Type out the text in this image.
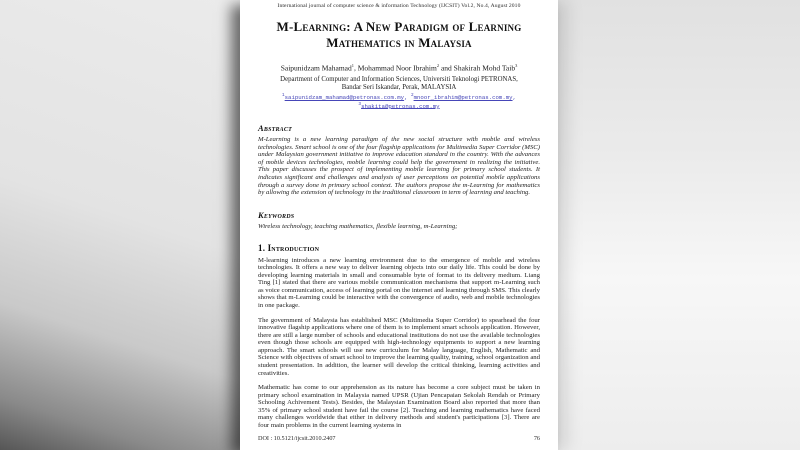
International journal of computer science & information Technology (IJCSIT) Vol.2, No.4, August 2010
M-Learning: A New Paradigm of Learning Mathematics in Malaysia
Saipunidzam Mahamad$^1$, Mohammad Noor Ibrahim$^2$ and Shakirah Mohd Taib$^3$
Department of Computer and Information Sciences, Universiti Teknologi PETRONAS,
Bandar Seri Iskandar, Perak, MALAYSIA
$^1$saipunidzam_mahamad@petronas.com.my, $^2$mnoor_ibrahim@petronas.com.my,
$^3$shakita@petronas.com.my
Abstract
M-Learning is a new learning paradigm of the new social structure with mobile and wireless technologies. Smart school is one of the four flagship applications for Multimedia Super Corridor (MSC) under Malaysian government initiative to improve education standard in the country. With the advances of mobile devices technologies, mobile learning could help the government in realizing the initiative. This paper discusses the prospect of implementing mobile learning for primary school students. It indicates significant and challenges and analysis of user perceptions on potential mobile applications through a survey done in primary school context. The authors propose the m-Learning for mathematics by allowing the extension of technology in the traditional classroom in term of learning and teaching.
Keywords
Wireless technology, teaching mathematics, flexible learning, m-Learning;
1. Introduction
M-learning introduces a new learning environment due to the emergence of mobile and wireless technologies. It offers a new way to deliver learning objects into our daily life. This could be done by developing learning materials in small and consumable byte of format to its delivery medium. Liang Ting [1] stated that there are various mobile communication mechanisms that support m-Learning such as voice communication, access of learning portal on the internet and learning through SMS. This clearly shows that m-Learning could be interactive with the convergence of audio, web and mobile technologies in one package.
The government of Malaysia has established MSC (Multimedia Super Corridor) to spearhead the four innovative flagship applications where one of them is to implement smart schools application. However, there are still a large number of schools and educational institutions do not use the available technologies even though those schools are equipped with high-technology equipments to support a new learning approach. The smart schools will use new curriculum for Malay language, English, Mathematic and Science with objectives of smart school to improve the learning quality, training, school organization and student presentation. In addition, the learner will develop the critical thinking, learning activities and creativities.
Mathematic has come to our apprehension as its nature has become a core subject must be taken in primary school examination in Malaysia named UPSR (Ujian Pencapaian Sekolah Rendah or Primary Schooling Achivement Tests). Besides, the Malaysian Examination Board also reported that more than 35% of primary school student have fail the course [2]. Teaching and learning mathematics have faced many challenges worldwide that either in delivery methods and student's participations [3]. There are four main problems in the current learning systems in
DOI : 10.5121/ijcsit.2010.2407	76
